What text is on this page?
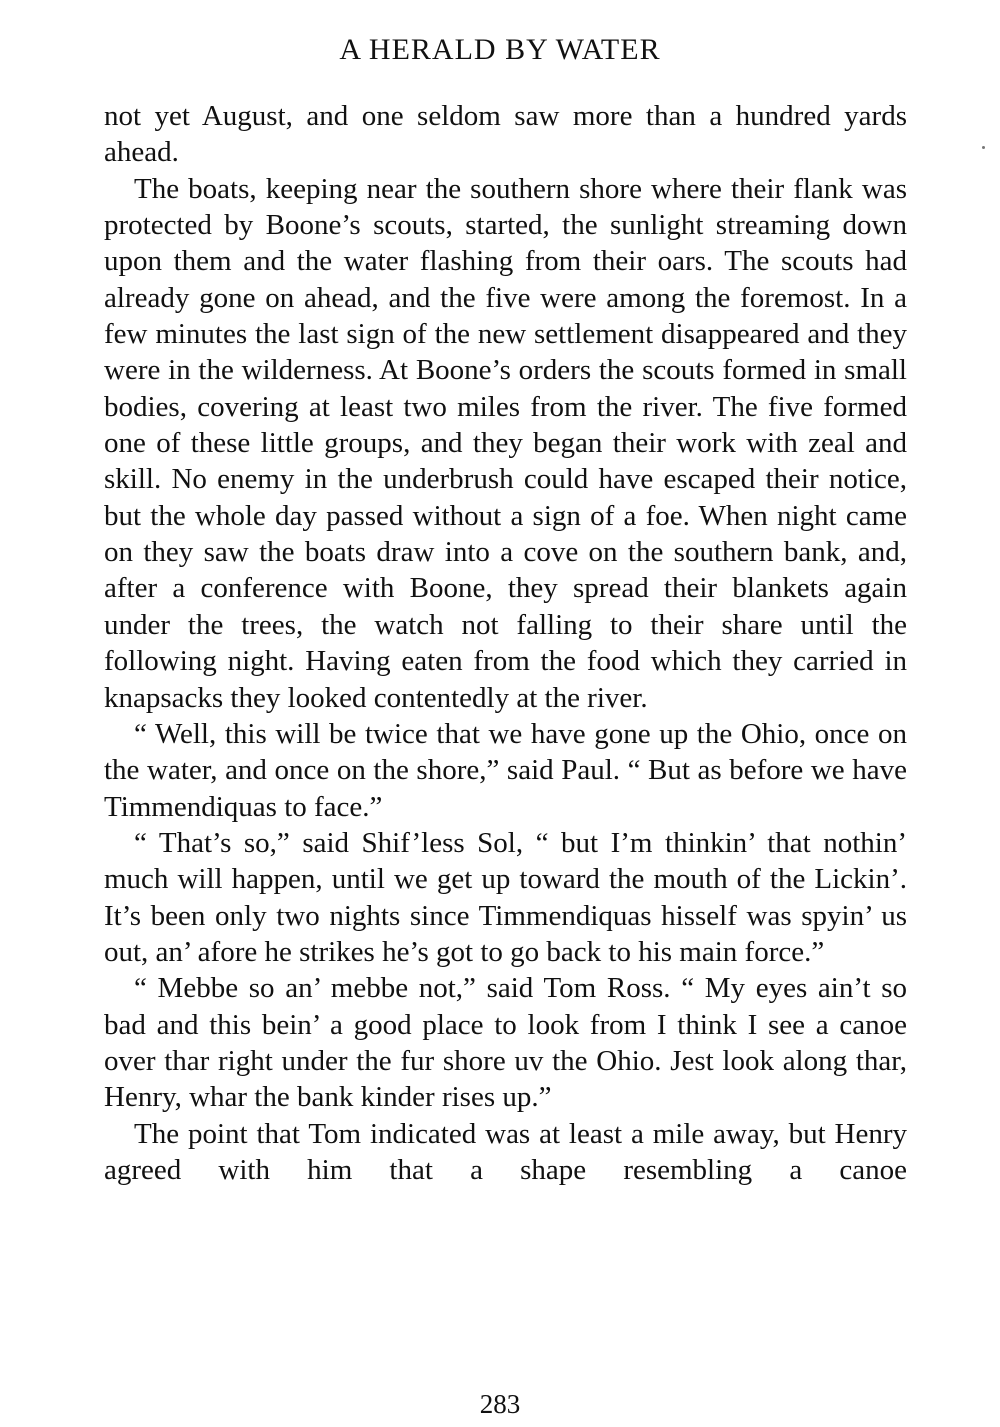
A HERALD BY WATER

not yet August, and one seldom saw more than a hundred yards ahead.

The boats, keeping near the southern shore where their flank was protected by Boone’s scouts, started, the sunlight streaming down upon them and the water flashing from their oars. The scouts had already gone on ahead, and the five were among the foremost. In a few minutes the last sign of the new settlement disappeared and they were in the wilderness. At Boone’s orders the scouts formed in small bodies, covering at least two miles from the river. The five formed one of these little groups, and they began their work with zeal and skill. No enemy in the underbrush could have escaped their notice, but the whole day passed without a sign of a foe. When night came on they saw the boats draw into a cove on the southern bank, and, after a conference with Boone, they spread their blankets again under the trees, the watch not falling to their share until the following night. Having eaten from the food which they carried in knapsacks they looked contentedly at the river.

“ Well, this will be twice that we have gone up the Ohio, once on the water, and once on the shore,” said Paul. “ But as before we have Timmendiquas to face.”

“ That’s so,” said Shif’less Sol, “ but I’m thinkin’ that nothin’ much will happen, until we get up toward the mouth of the Lickin’. It’s been only two nights since Timmendiquas hisself was spyin’ us out, an’ afore he strikes he’s got to go back to his main force.”

“ Mebbe so an’ mebbe not,” said Tom Ross. “ My eyes ain’t so bad and this bein’ a good place to look from I think I see a canoe over thar right under the fur shore uv the Ohio. Jest look along thar, Henry, whar the bank kinder rises up.”

The point that Tom indicated was at least a mile away, but Henry agreed with him that a shape resembling a canoe

283
